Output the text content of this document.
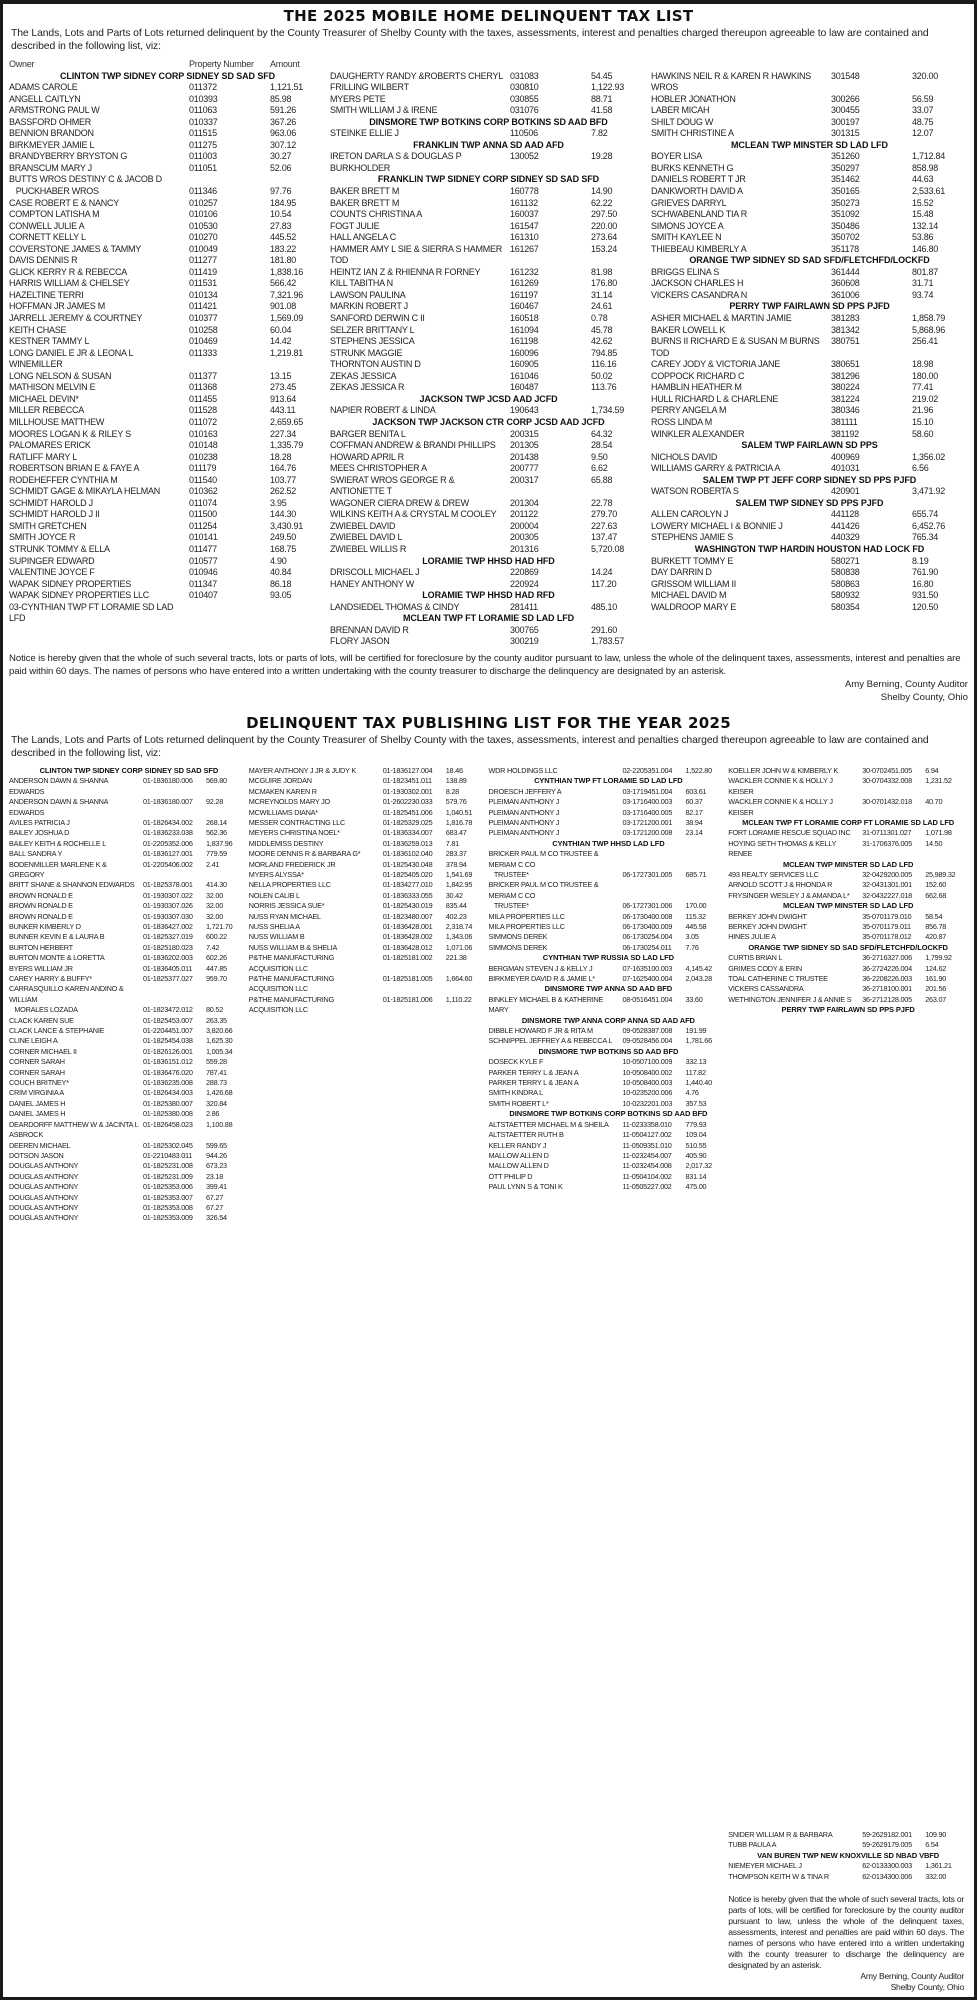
THE 2025 MOBILE HOME DELINQUENT TAX LIST
The Lands, Lots and Parts of Lots returned delinquent by the County Treasurer of Shelby County with the taxes, assessments, interest and penalties charged thereupon agreeable to law are contained and described in the following list, viz:
Owner	Property Number	Amount
CLINTON TWP SIDNEY CORP SIDNEY SD SAD SFD
ADAMS CAROLE	011372	1,121.51
ANGELL CAITLYN	010393	85.98
ARMSTRONG PAUL W	011063	591.26
BASSFORD OHMER	010337	367.26
BENNION BRANDON	011515	963.06
BIRKMEYER JAMIE L	011275	307.12
BRANDYBERRY BRYSTON G	011003	30.27
BRANSCUM MARY J	011051	52.06
BUTTS WROS DESTINY C & JACOB D
PUCKHABER WROS	011346	97.76
CASE ROBERT E & NANCY	010257	184.95
COMPTON LATISHA M	010106	10.54
CONWELL JULIE A	010530	27.83
CORNETT KELLY L	010270	445.52
COVERSTONE JAMES & TAMMY	010049	183.22
DAVIS DENNIS R	011277	181.80
GLICK KERRY R & REBECCA	011419	1,838.16
HARRIS WILLIAM & CHELSEY	011531	566.42
HAZELTINE TERRI	010134	7,321.96
HOFFMAN JR JAMES M	011421	901.08
JARRELL JEREMY & COURTNEY	010377	1,569.09
KEITH CHASE	010258	60.04
KESTNER TAMMY L	010469	14.42
LONG DANIEL E JR & LEONA L WINEMILLER
011333	1,219.81
LONG NELSON & SUSAN	011377	13.15
MATHISON MELVIN E	011368	273.45
MICHAEL DEVIN*	011455	913.64
MILLER REBECCA	011528	443.11
MILLHOUSE MATTHEW	011072	2,659.65
MOORES LOGAN K & RILEY S	010163	227.34
PALOMARES ERICK	010148	1,335.79
RATLIFF MARY L	010238	18.28
ROBERTSON BRIAN E & FAYE A	011179	164.76
RODEHEFFER CYNTHIA M	011540	103.77
SCHMIDT GAGE & MIKAYLA HELMAN	010362	262.52
SCHMIDT HAROLD J	011074	3.95
SCHMIDT HAROLD J II	011500	144.30
SMITH GRETCHEN	011254	3,430.91
SMITH JOYCE R	010141	249.50
STRUNK TOMMY & ELLA	011477	168.75
SUPINGER EDWARD	010577	4.90
VALENTINE JOYCE F	010946	40.84
WAPAK SIDNEY PROPERTIES	011347	86.18
WAPAK SIDNEY PROPERTIES LLC	010407	93.05
03-CYNTHIAN TWP FT LORAMIE SD LAD LFD
DAUGHERTY RANDY &ROBERTS CHERYL 031083	54.45
FRILLING WILBERT	030810	1,122.93
MYERS PETE	030855	88.71
SMITH WILLIAM J & IRENE	031076	41.58
DINSMORE TWP BOTKINS CORP BOTKINS SD AAD BFD
STEINKE ELLIE J	110506	7.82
FRANKLIN TWP ANNA SD AAD AFD
IRETON DARLA S & DOUGLAS P BURKHOLDER
130052	19.28
FRANKLIN TWP SIDNEY CORP SIDNEY SD SAD SFD
BAKER BRETT M	160778	14.90
BAKER BRETT M	161132	62.22
COUNTS CHRISTINA A	160037	297.50
FOGT JULIE	161547	220.00
HALL ANGELA C	161310	273.64
HAMMER AMY L SIE & SIERRA S HAMMER TOD
161267	153.24
HEINTZ IAN Z & RHIENNA R FORNEY	161232	81.98
KILL TABITHA N	161269	176.80
LAWSON PAULINA	161197	31.14
MARKIN ROBERT J	160467	24.61
SANFORD DERWIN C II	160518	0.78
SELZER BRITTANY L	161094	45.78
STEPHENS JESSICA	161198	42.62
STRUNK MAGGIE	160096	794.85
THORNTON AUSTIN D	160905	116.16
ZEKAS JESSICA	161046	50.02
ZEKAS JESSICA R	160487	113.76
JACKSON TWP JCSD AAD JCFD
NAPIER ROBERT & LINDA	190643	1,734.59
JACKSON TWP JACKSON CTR CORP JCSD AAD JCFD
BARGER BENITA L	200315	64.32
COFFMAN ANDREW & BRANDI PHILLIPS	201305	28.54
HOWARD APRIL R	201438	9.50
MEES CHRISTOPHER A	200777	6.62
SWIERAT WROS GEORGE R & ANTIONETTE T
200317	65.88
WAGONER CIERA DREW & DREW	201304	22.78
WILKINS KEITH A & CRYSTAL M COOLEY	201122	279.70
ZWIEBEL DAVID	200004	227.63
ZWIEBEL DAVID L	200305	137.47
ZWIEBEL WILLIS R	201316	5,720.08
LORAMIE TWP HHSD HAD HFD
DRISCOLL MICHAEL J	220869	14.24
HANEY ANTHONY W	220924	117.20
LORAMIE TWP HHSD HAD RFD
LANDSIEDEL THOMAS & CINDY	281411	485.10
MCLEAN TWP FT LORAMIE SD LAD LFD
BRENNAN DAVID R	300765	291.60
FLORY JASON	300219	1,783.57
HAWKINS NEIL R & KAREN R HAWKINS WROS
301548	320.00
HOBLER JONATHON	300266	56.59
LABER MICAH	300455	33.07
SHILT DOUG W	300197	48.75
SMITH CHRISTINE A	301315	12.07
MCLEAN TWP MINSTER SD LAD LFD
BOYER LISA	351260	1,712.84
BURKS KENNETH G	350297	858.98
DANIELS ROBERT T JR	351462	44.63
DANKWORTH DAVID A	350165	2,533.61
GRIEVES DARRYL	350273	15.52
SCHWABENLAND TIA R	351092	15.48
SIMONS JOYCE A	350486	132.14
SMITH KAYLEE N	350702	53.86
THIEBEAU KIMBERLY A	351178	146.80
ORANGE TWP SIDNEY SD SAD SFD/FLETCHFD/LOCKFD
BRIGGS ELINA S	361444	801.87
JACKSON CHARLES H	360608	31.71
VICKERS CASANDRA N	361006	93.74
PERRY TWP FAIRLAWN SD PPS PJFD
ASHER MICHAEL & MARTIN JAMIE	381283	1,858.79
BAKER LOWELL K	381342	5,868.96
BURNS II RICHARD E & SUSAN M BURNS TOD
380751	256.41
CAREY JODY & VICTORIA JANE	380651	18.98
COPPOCK RICHARD C	381296	180.00
HAMBLIN HEATHER M	380224	77.41
HULL RICHARD L & CHARLENE	381224	219.02
PERRY ANGELA M	380346	21.96
ROSS LINDA M	381111	15.10
WINKLER ALEXANDER	381192	58.60
SALEM TWP FAIRLAWN SD PPS
NICHOLS DAVID	400969	1,356.02
WILLIAMS GARRY & PATRICIA A	401031	6.56
SALEM TWP PT JEFF CORP SIDNEY SD PPS PJFD
WATSON ROBERTA S	420901	3,471.92
SALEM TWP SIDNEY SD PPS PJFD
ALLEN CAROLYN J	441128	655.74
LOWERY MICHAEL I & BONNIE J	441426	6,452.76
STEPHENS JAMIE S	440329	765.34
WASHINGTON TWP HARDIN HOUSTON HAD LOCK FD
BURKETT TOMMY E	580271	8.19
DAY DARRIN D	580838	761.90
GRISSOM WILLIAM II	580863	16.80
MICHAEL DAVID M	580932	931.50
WALDROOP MARY E	580354	120.50
Notice is hereby given that the whole of such several tracts, lots or parts of lots, will be certified for foreclosure by the county auditor pursuant to law, unless the whole of the delinquent taxes, assessments, interest and penalties are paid within 60 days. The names of persons who have entered into a written undertaking with the county treasurer to discharge the delinquency are designated by an asterisk.
Amy Berning, County Auditor
Shelby County, Ohio
DELINQUENT TAX PUBLISHING LIST FOR THE YEAR 2025
The Lands, Lots and Parts of Lots returned delinquent by the County Treasurer of Shelby County with the taxes, assessments, interest and penalties charged thereupon agreeable to law are contained and described in the following list, viz:
CLINTON TWP SIDNEY CORP SIDNEY SD SAD SFD
ANDERSON DAWN & SHANNA EDWARDS
01-1836180.006	569.80
ANDERSON DAWN & SHANNA EDWARDS
01-1836180.007	92.28
AVILES PATRICIA J	01-1826434.002	268.14
BAILEY JOSHUA D	01-1836233.038	562.36
BAILEY KEITH & ROCHELLE L	01-2205352.006	1,837.96
BALL SANDRA Y	01-1836127.001	779.59
BODENMILLER MARLENE K & GREGORY
01-2205406.002	2.41
BRITT SHANE & SHANNON EDWARDS	01-1825378.001	414.30
BROWN RONALD E	01-1930307.022	32.00
BROWN RONALD E	01-1930307.026	32.00
BROWN RONALD E	01-1930307.030	32.00
BUNKER KIMBERLY D	01-1836427.002	1,721.70
BUNNER KEVIN E & LAURA B	01-1825327.019	600.22
BURTON HERBERT	01-1825180.023	7.42
BURTON MONTE & LORETTA	01-1836202.003	602.26
BYERS WILLIAM JR	01-1836405.011	447.85
CAREY HARRY & BUFFY*	01-1825377.027	959.70
CARRASQUILLO KAREN ANDINO & WILLIAM
MORALES LOZADA	01-1823472.012	80.52
CLACK KAREN SUE	01-1825453.007	263.35
CLACK LANCE & STEPHANIE	01-2204451.007	3,820.66
CLINE LEIGH A	01-1825454.038	1,625.30
CORNER MICHAEL II	01-1826126.001	1,005.34
CORNER SARAH	01-1836151.012	559.28
CORNER SARAH	01-1836476.020	787.41
COUCH BRITNEY*	01-1836235.008	288.73
CRIM VIRGINIA A	01-1826434.003	1,426.68
DANIEL JAMES H	01-1825380.007	320.84
DANIEL JAMES H	01-1825380.008	2.86
DEARDORFF MATTHEW W & JACINTA L ASBROCK
01-1826458.023	1,100.88
DEEREN MICHAEL	01-1825302.045	599.65
DOTSON JASON	01-2210483.011	944.26
DOUGLAS ANTHONY	01-1825231.008	673.23
DOUGLAS ANTHONY	01-1825231.009	23.18
DOUGLAS ANTHONY	01-1825353.006	399.41
DOUGLAS ANTHONY	01-1825353.007	67.27
DOUGLAS ANTHONY	01-1825353.008	67.27
DOUGLAS ANTHONY	01-1825353.009	326.54
MAYER ANTHONY J JR & JUDY K	01-1836127.004	18.46
MCGUIRE JORDAN	01-1823451.011	138.89
MCMAKEN KAREN R	01-1930302.001	8.28
MCREYNOLDS MARY JO	01-2602230.033	579.76
MCWILLIAMS DIANA*	01-1825451.006	1,040.51
MESSER CONTRACTING LLC	01-1825329.025	1,816.78
MEYERS CHRISTINA NOEL*	01-1836334.007	683.47
MIDDLEMISS DESTINY	01-1836259.013	7.81
MOORE DENNIS R & BARBARA G*	01-1836102.040	283.37
MORLAND FREDERICK JR	01-1825430.048	378.94
MYERS ALYSSA*	01-1825405.020	1,541.69
NELLA PROPERTIES LLC	01-1834277.010	1,842.95
NOLEN CALIB L	01-1836333.055	30.42
NORRIS JESSICA SUE*	01-1825430.019	835.44
NUSS RYAN MICHAEL	01-1823480.007	402.23
NUSS SHELIA A	01-1836428.001	2,318.74
NUSS WILLIAM B	01-1836428.002	1,343.06
NUSS WILLIAM B & SHELIA	01-1836428.012	1,071.06
P&THE MANUFACTURING ACQUISITION LLC
01-1825181.002	221.38
P&THE MANUFACTURING ACQUISITION LLC
01-1825181.005	1,664.60
P&THE MANUFACTURING ACQUISITION LLC
01-1825181.006	1,110.22
WDR HOLDINGS LLC	02-2205351.004	1,522.80
CYNTHIAN TWP FT LORAMIE SD LAD LFD
DROESCH JEFFERY A	03-1719451.004	603.61
PLEIMAN ANTHONY J	03-1716400.003	60.37
PLEIMAN ANTHONY J	03-1716400.005	82.17
PLEIMAN ANTHONY J	03-1721200.001	38.94
PLEIMAN ANTHONY J	03-1721200.008	23.14
CYNTHIAN TWP HHSD LAD LFD
BRICKER PAUL M CO TRUSTEE & MERIAM C CO
TRUSTEE*	06-1727301.005	685.71
BRICKER PAUL M CO TRUSTEE & MERIAM C CO
TRUSTEE*	06-1727301.006	170.00
MILA PROPERTIES LLC	06-1730400.008	115.32
MILA PROPERTIES LLC	06-1730400.009	445.58
SIMMONS DEREK	06-1730254.004	3.05
SIMMONS DEREK	06-1730254.011	7.76
CYNTHIAN TWP RUSSIA SD LAD LFD
BERGMAN STEVEN J & KELLY J	07-1635100.003	4,145.42
BIRKMEYER DAVID R & JAMIE L*	07-1625400.004	2,043.28
DINSMORE TWP ANNA SD AAD BFD
BINKLEY MICHAEL B & KATHERINE MARY
08-0516451.004	33.60
DINSMORE TWP ANNA CORP ANNA SD AAD AFD
DIBBLE HOWARD F JR & RITA M	09-0528387.008	191.99
SCHNIPPEL JEFFREY A & REBECCA L	09-0528456.004	1,781.66
DINSMORE TWP BOTKINS SD AAD BFD
DOSECK KYLE F	10-0507100.009	332.13
PARKER TERRY L & JEAN A	10-0508400.002	117.82
PARKER TERRY L & JEAN A	10-0508400.003	1,440.40
SMITH KINDRA L	10-0235200.006	4.76
SMITH ROBERT L*	10-0232201.003	357.53
DINSMORE TWP BOTKINS CORP BOTKINS SD AAD BFD
ALTSTAETTER MICHAEL M & SHEILA	11-0233358.010	779.93
ALTSTAETTER RUTH B	11-0504127.002	109.04
KELLER RANDY J	11-0509351.010	510.55
MALLOW ALLEN D	11-0232454.007	405.90
MALLOW ALLEN D	11-0232454.008	2,017.32
OTT PHILIP D	11-0504104.002	831.14
PAUL LYNN S & TONI K	11-0505227.002	475.00
KOELLER JOHN W & KIMBERLY K	30-0702451.005	6.94
WACKLER CONNIE K & HOLLY J KEISER
30-0704332.008	1,231.52
WACKLER CONNIE K & HOLLY J KEISER
30-0701432.018	40.70
MCLEAN TWP FT LORAMIE CORP FT LORAMIE SD LAD LFD
FORT LORAMIE RESCUE SQUAD INC	31-0711301.027	1,071.98
HOYING SETH THOMAS & KELLY RENEE
31-1706376.005	14.50
MCLEAN TWP MINSTER SD LAD LFD
493 REALTY SERVICES LLC	32-0429200.005	25,989.32
ARNOLD SCOTT J & RHONDA R	32-0431301.001	152.60
FRYSINGER WESLEY J & AMANDA L*	32-0432227.018	662.68
MCLEAN TWP MINSTER SD LAD LFD
BERKEY JOHN DWIGHT	35-0701179.010	58.54
BERKEY JOHN DWIGHT	35-0701179.011	856.78
HINES JULIE A	35-0701178.012	420.87
ORANGE TWP SIDNEY SD SAD SFD/FLETCHFD/LOCKFD
CURTIS BRIAN L	36-2716327.006	1,799.92
GRIMES CODY & ERIN	36-2724226.004	124.62
TOAL CATHERINE C TRUSTEE	36-2208226.003	161.90
VICKERS CASSANDRA	36-2718100.001	201.56
WETHINGTON JENNIFER J & ANNIE S	36-2712128.005	263.07
PERRY TWP FAIRLAWN SD PPS PJFD
SNIDER WILLIAM R & BARBARA	59-2629182.001	109.90
TUBB PAULA A	59-2629179.005	6.54
VAN BUREN TWP NEW KNOXVILLE SD NBAD VBFD
NIEMEYER MICHAEL J	62-0133300.003	1,361.21
THOMPSON KEITH W & TINA R	62-0134300.006	332.00
Notice is hereby given that the whole of such several tracts, lots or parts of lots, will be certified for foreclosure by the county auditor pursuant to law, unless the whole of the delinquent taxes, assessments, interest and penalties are paid within 60 days. The names of persons who have entered into a written undertaking with the county treasurer to discharge the delinquency are designated by an asterisk.
Amy Berning, County Auditor
Shelby County, Ohio
